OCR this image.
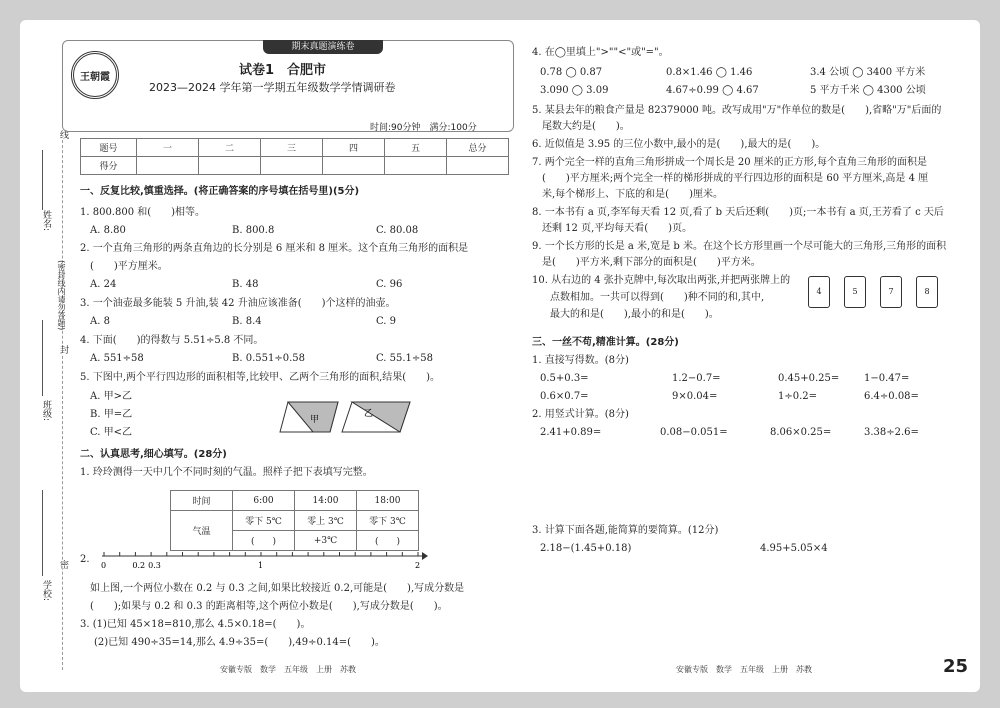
姓名:
班级:
学校:
(密封线内请勿答题)
线
封
密
期末真题演练卷
王朝霞	试卷1　合肥市
2023—2024 学年第一学期五年级数学学情调研卷
时间:90分钟　满分:100分
题号	一	二	三	四	五	总分
得分						
一、反复比较,慎重选择。(将正确答案的序号填在括号里)(5分)
1. 800.800 和(　　)相等。
A. 8.80	B. 800.8	C. 80.08
2. 一个直角三角形的两条直角边的长分别是 6 厘米和 8 厘米。这个直角三角形的面积是
(　　)平方厘米。
A. 24	B. 48	C. 96
3. 一个油壶最多能装 5 升油,装 42 升油应该准备(　　)个这样的油壶。
A. 8	B. 8.4	C. 9
4. 下面(　　)的得数与 5.51÷5.8 不同。
A. 551÷58	B. 0.551÷0.58	C. 55.1÷58
5. 下图中,两个平行四边形的面积相等,比较甲、乙两个三角形的面积,结果(　　)。
A. 甲>乙
B. 甲=乙
C. 甲<乙
甲
乙
二、认真思考,细心填写。(28分)
1. 玲玲测得一天中几个不同时刻的气温。照样子把下表填写完整。
时间	6:00	14:00	18:00
气温	零下 5℃	零上 3℃	零下 3℃
	(　　)	+3℃	(　　)
2.
0	0.2 0.3	1	2
如上图,一个两位小数在 0.2 与 0.3 之间,如果比较接近 0.2,可能是(　　),写成分数是
(　　);如果与 0.2 和 0.3 的距离相等,这个两位小数是(　　),写成分数是(　　)。
3. (1)已知 45×18=810,那么 4.5×0.18=(　　)。
(2)已知 490÷35=14,那么 4.9÷35=(　　),49÷0.14=(　　)。
安徽专版　数学　五年级　上册　苏教
4. 在◯里填上">""<"或"="。
0.78 ◯ 0.87	0.8×1.46 ◯ 1.46	3.4 公顷 ◯ 3400 平方米
3.090 ◯ 3.09	4.67÷0.99 ◯ 4.67	5 平方千米 ◯ 4300 公顷
5. 某县去年的粮食产量是 82379000 吨。改写成用"万"作单位的数是(　　),省略"万"后面的
尾数大约是(　　)。
6. 近似值是 3.95 的三位小数中,最小的是(　　),最大的是(　　)。
7. 两个完全一样的直角三角形拼成一个周长是 20 厘米的正方形,每个直角三角形的面积是
(　　)平方厘米;两个完全一样的梯形拼成的平行四边形的面积是 60 平方厘米,高是 4 厘
米,每个梯形上、下底的和是(　　)厘米。
8. 一本书有 a 页,李军每天看 12 页,看了 b 天后还剩(　　)页;一本书有 a 页,王芳看了 c 天后
还剩 12 页,平均每天看(　　)页。
9. 一个长方形的长是 a 米,宽是 b 米。在这个长方形里画一个尽可能大的三角形,三角形的面积
是(　　)平方米,剩下部分的面积是(　　)平方米。
10. 从右边的 4 张扑克牌中,每次取出两张,并把两张牌上的
点数相加。一共可以得到(　　)种不同的和,其中,
最大的和是(　　),最小的和是(　　)。
4	5	7	8
三、一丝不苟,精准计算。(28分)
1. 直接写得数。(8分)
0.5+0.3=	1.2−0.7=	0.45+0.25= 1−0.47=
0.6×0.7=	9×0.04=	1÷0.2=	6.4÷0.08=
2. 用竖式计算。(8分)
2.41+0.89=	0.08−0.051=	8.06×0.25=	3.38÷2.6=
3. 计算下面各题,能简算的要简算。(12分)
2.18−(1.45+0.18)	4.95+5.05×4
安徽专版　数学　五年级　上册　苏教	25
